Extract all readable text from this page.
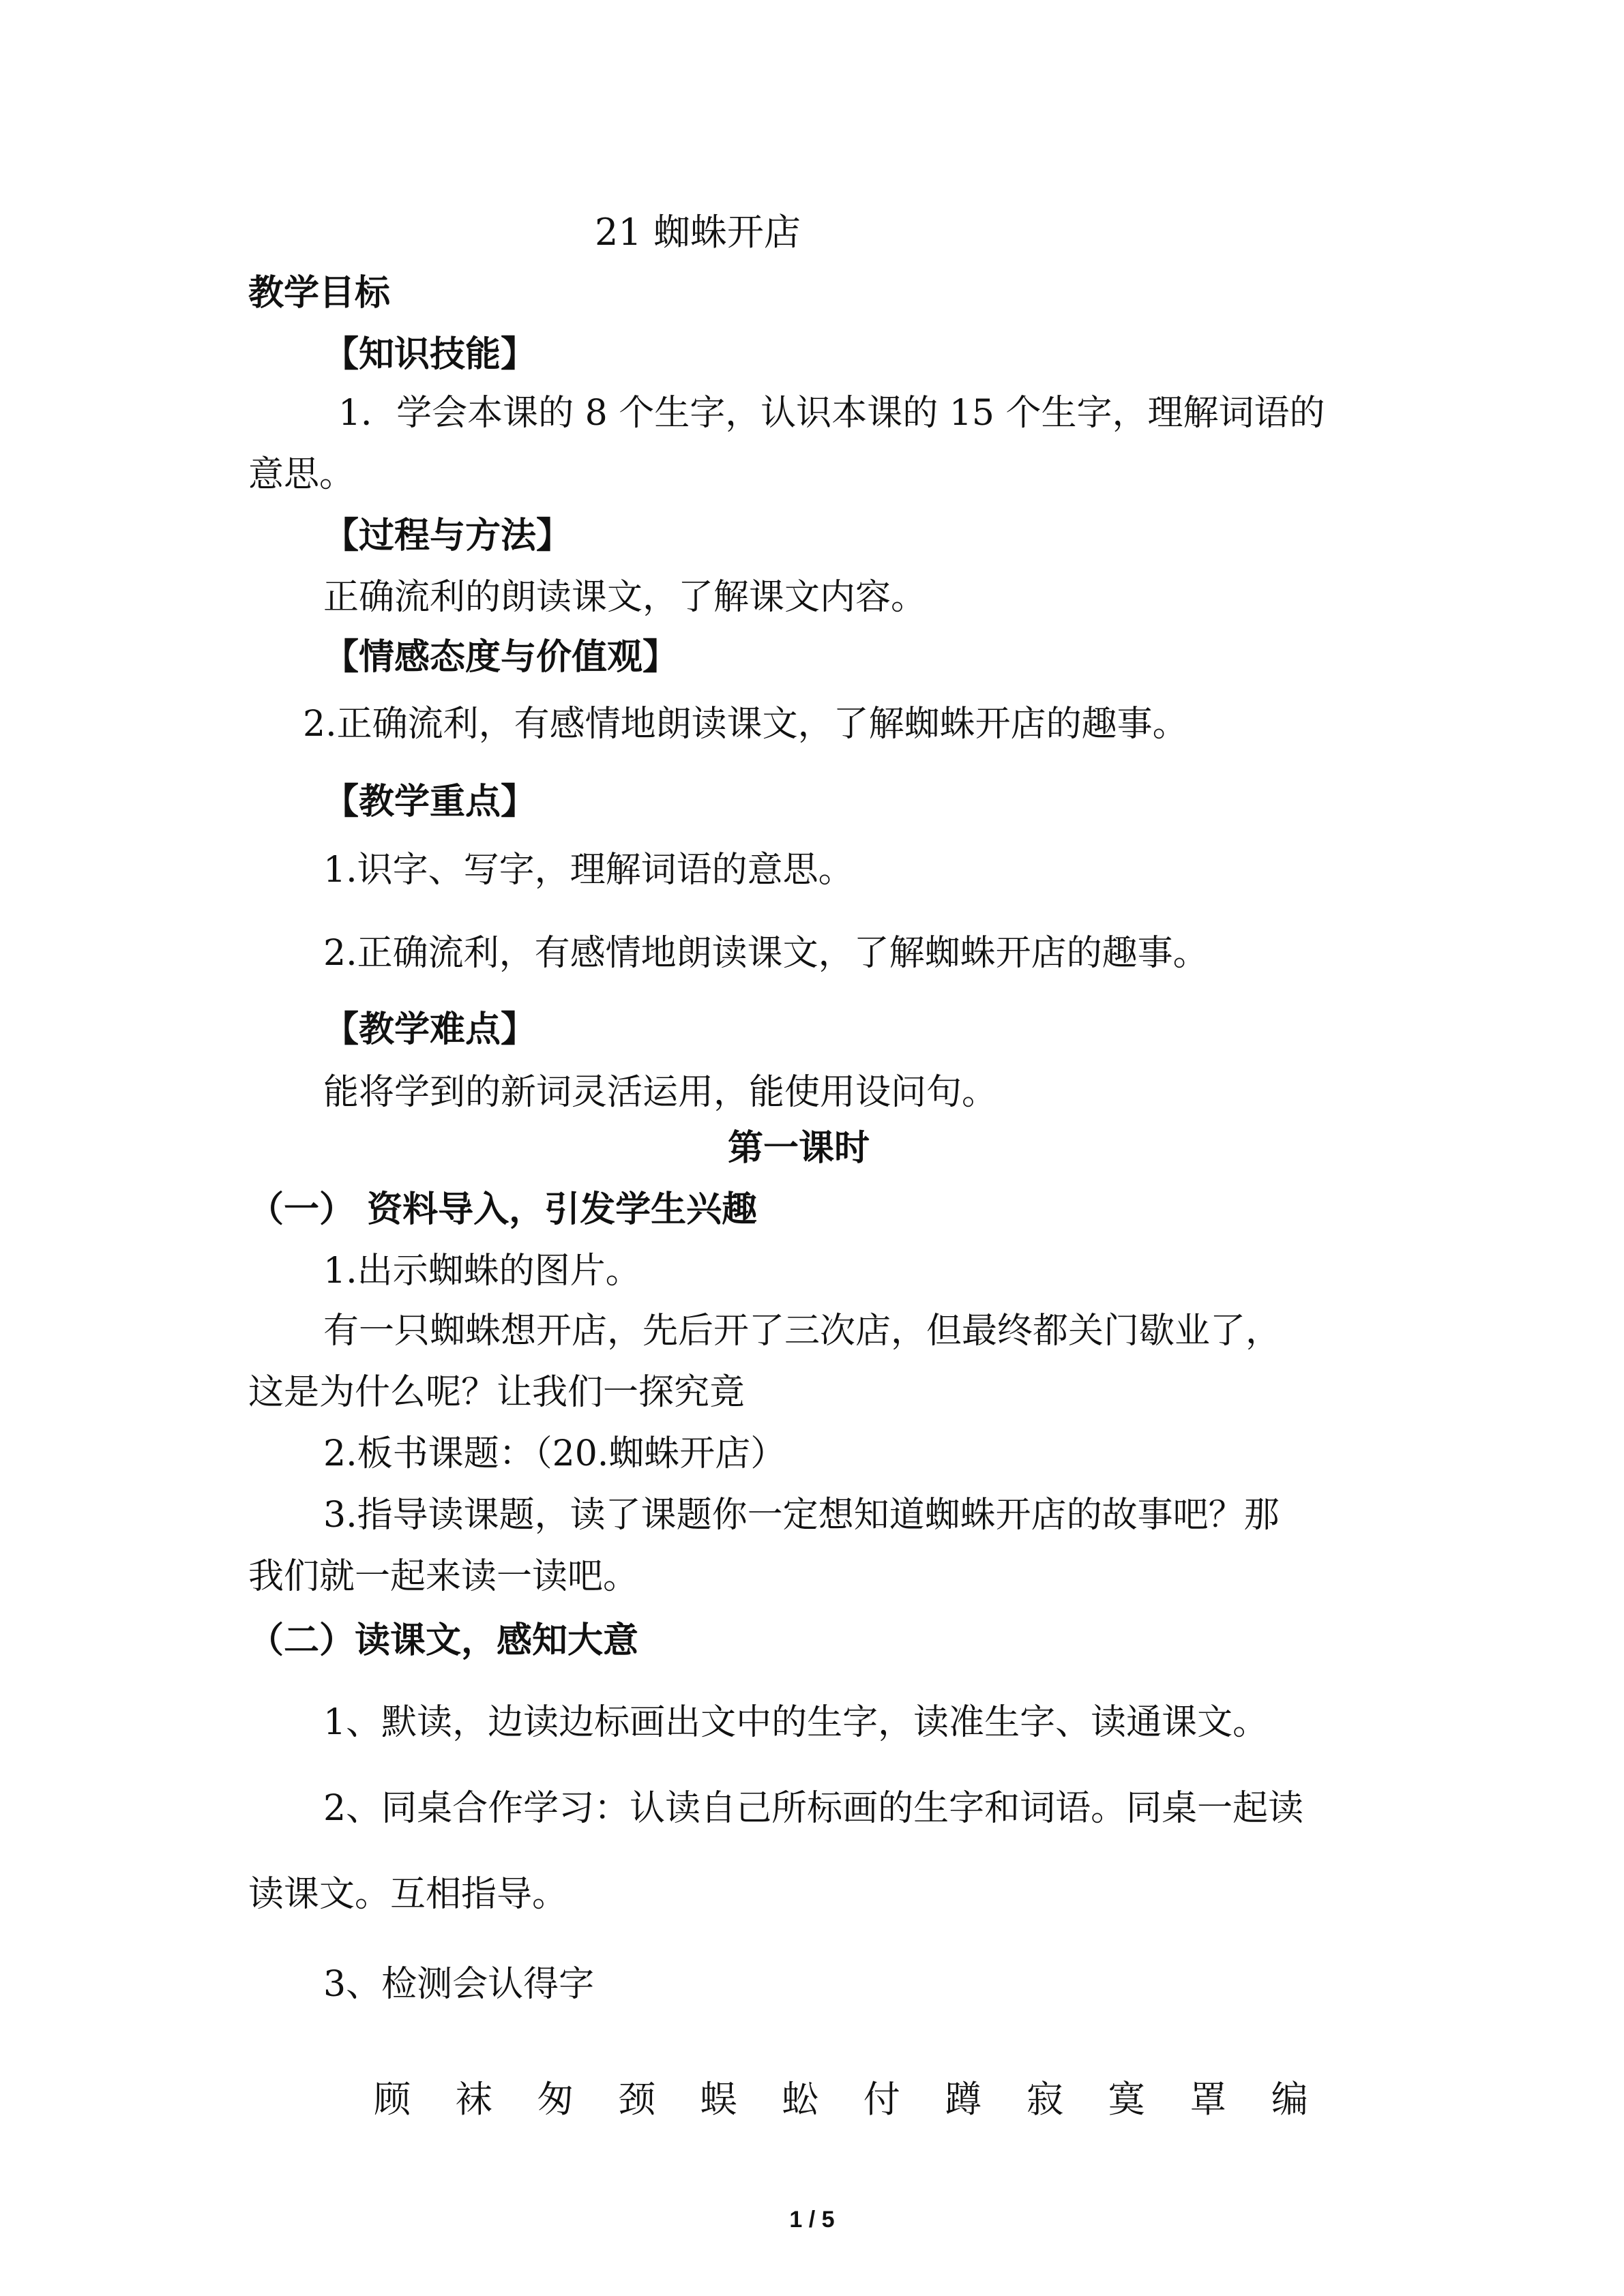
21 蜘蛛开店
教学目标
【知识技能】
1．学会本课的 8 个生字，认识本课的 15 个生字，理解词语的
意思。
【过程与方法】
正确流利的朗读课文，了解课文内容。
【情感态度与价值观】
2.正确流利，有感情地朗读课文，了解蜘蛛开店的趣事。
【教学重点】
1.识字、写字，理解词语的意思。
2.正确流利，有感情地朗读课文，了解蜘蛛开店的趣事。
【教学难点】
能将学到的新词灵活运用，能使用设问句。
第一课时
（一） 资料导入，引发学生兴趣
1.出示蜘蛛的图片。
有一只蜘蛛想开店，先后开了三次店，但最终都关门歇业了，
这是为什么呢？让我们一探究竟
2.板书课题：（20.蜘蛛开店）
3.指导读课题，读了课题你一定想知道蜘蛛开店的故事吧？那
我们就一起来读一读吧。
（二）读课文，感知大意
1、默读，边读边标画出文中的生字，读准生字、读通课文。
2、同桌合作学习：认读自己所标画的生字和词语。同桌一起读
读课文。互相指导。
3、检测会认得字
顾 袜 匆 颈 蜈 蚣 付 蹲 寂 寞 罩 编
1 / 5
